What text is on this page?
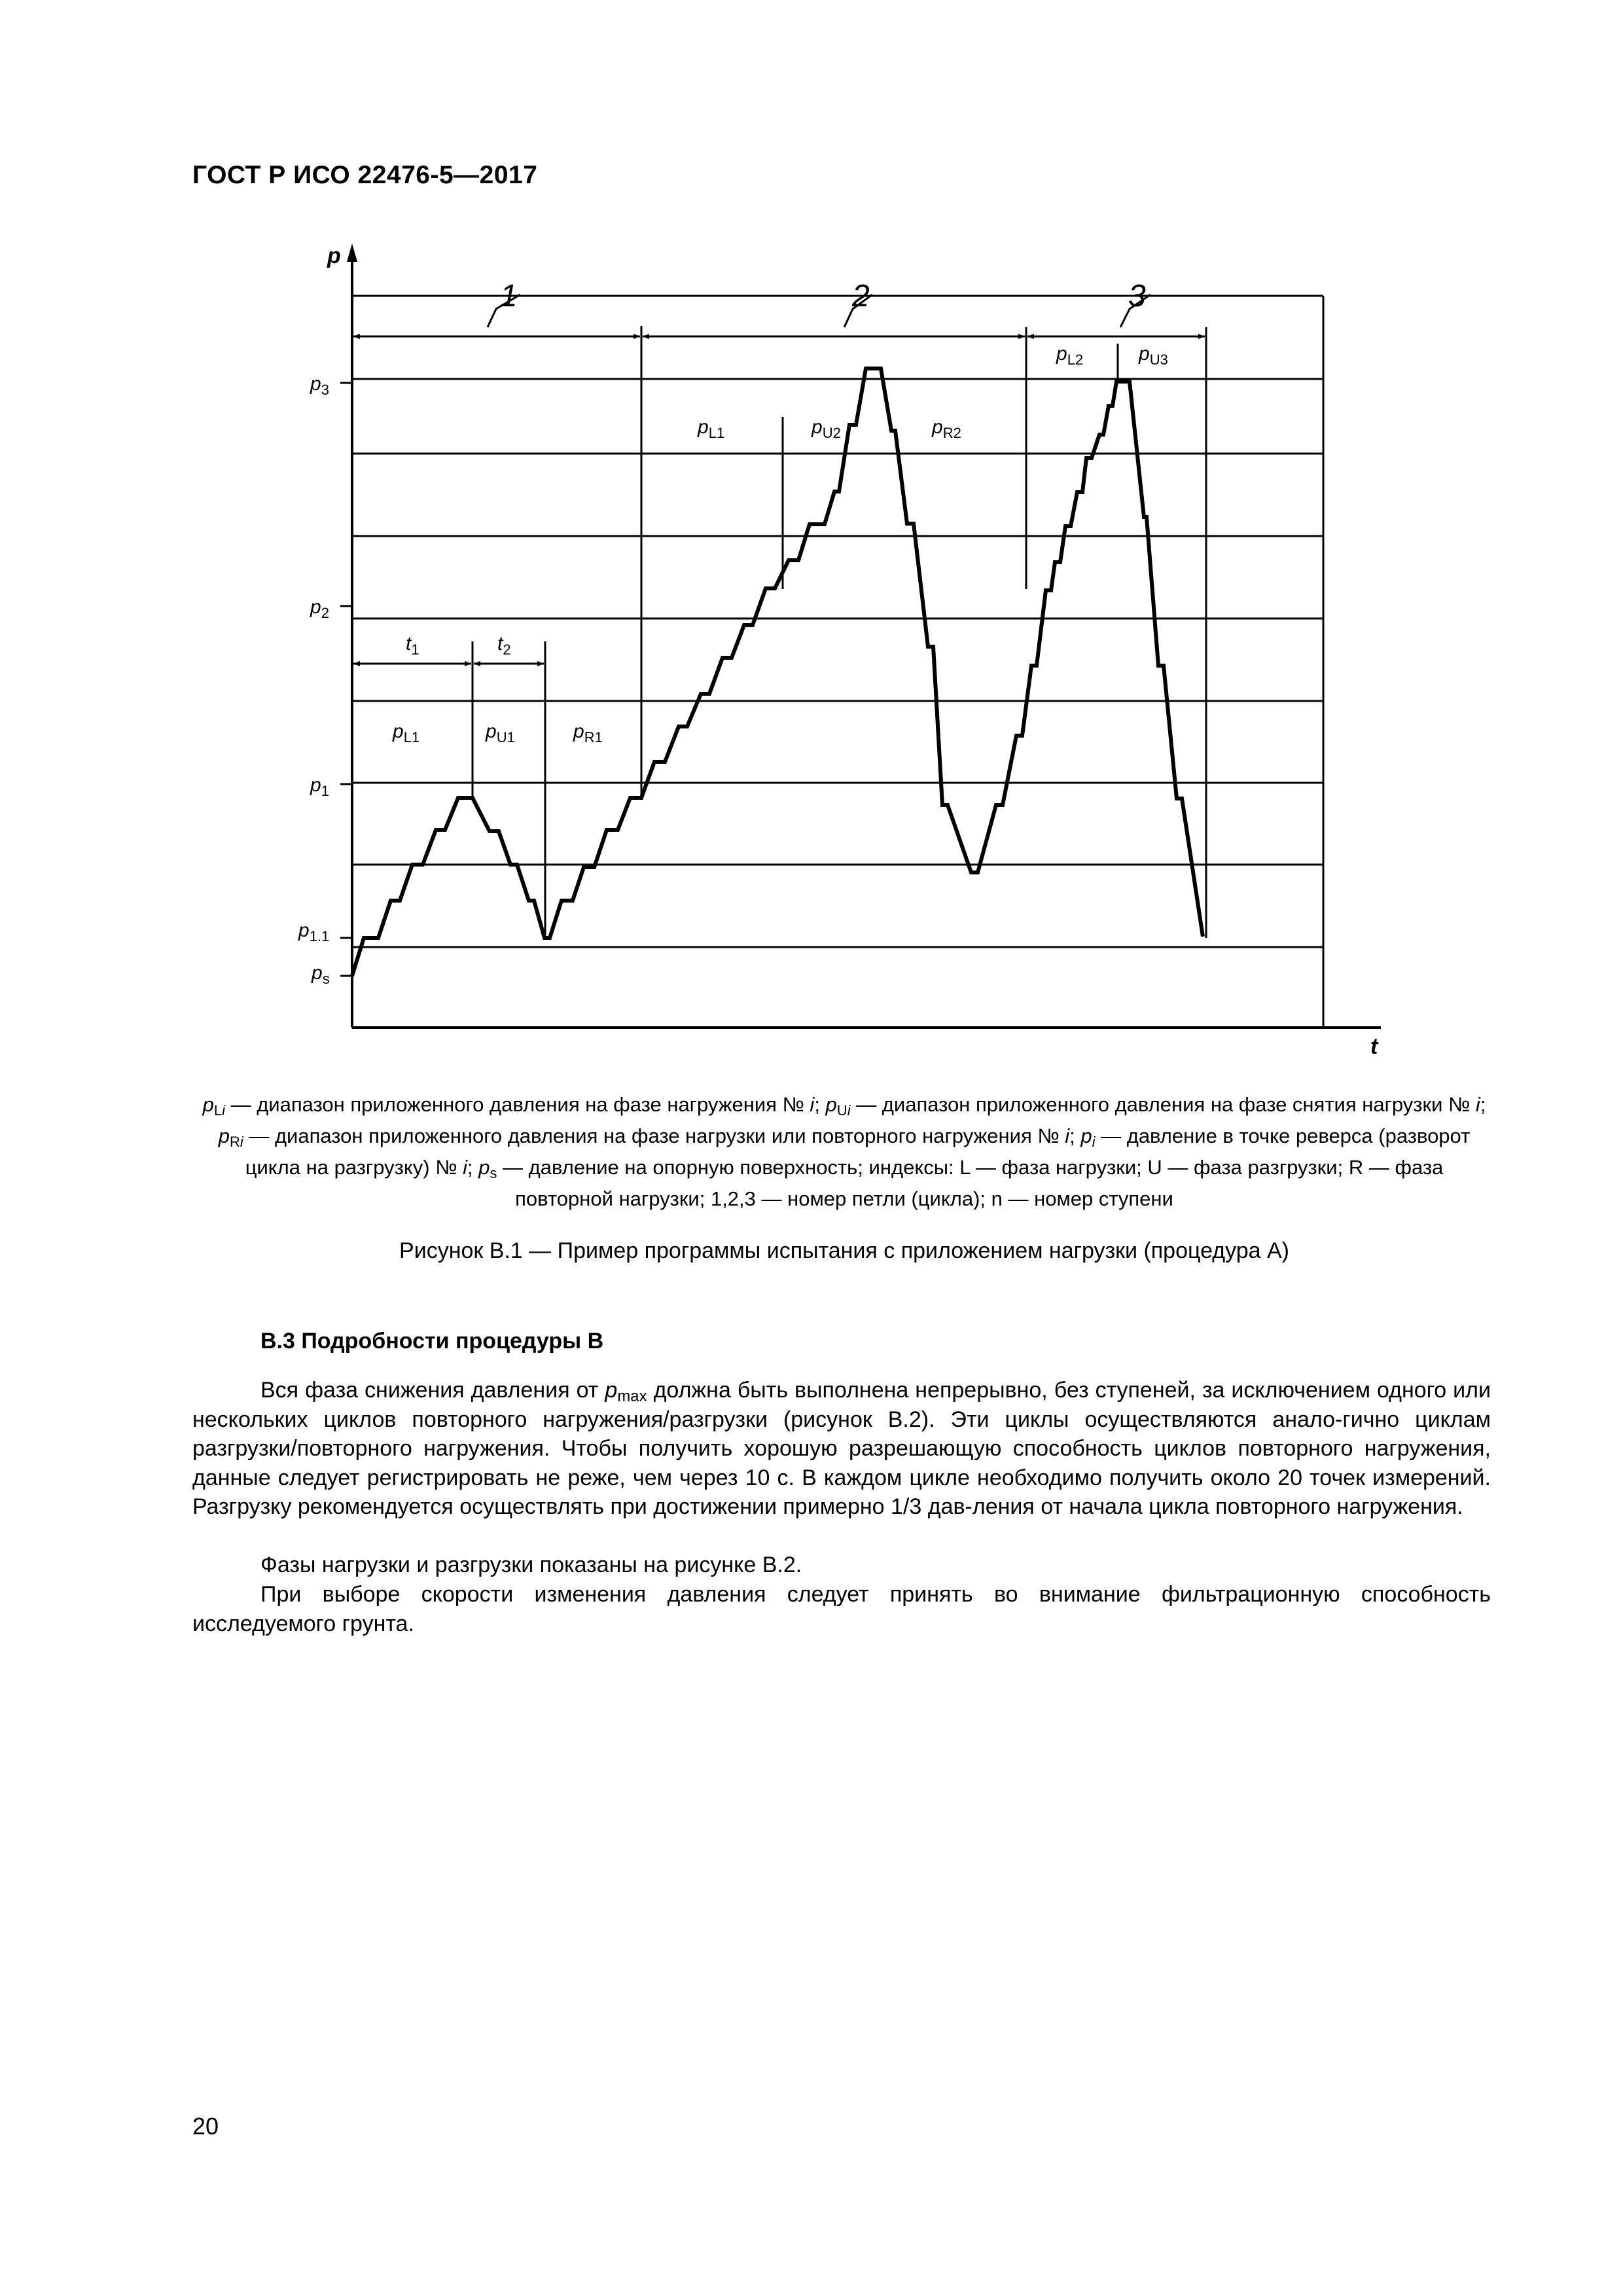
ГОСТ Р ИСО 22476-5—2017
p
t
$p_3$
$p_2$
$p_1$
$p_{1.1}$
$p_s$
1	2	3
$t_1$	$t_2$
$p_{L1}$	$p_{U1}$	$p_{R1}$
$p_{L1}$	$p_{U2}$	$p_{R2}$
$p_{L2}$	$p_{U3}$
$p_{Li}$ — диапазон приложенного давления на фазе нагружения № i; $p_{Ui}$ — диапазон приложенного давления на фазе снятия нагрузки № i; $p_{Ri}$ — диапазон приложенного давления на фазе нагрузки или повторного нагружения № i; $p_i$ — давление в точке реверса (разворот цикла на разгрузку) № i; $p_s$ — давление на опорную поверхность; индексы: L — фаза нагрузки; U — фаза разгрузки; R — фаза повторной нагрузки; 1,2,3 — номер петли (цикла); n — номер ступени
Рисунок В.1 — Пример программы испытания с приложением нагрузки (процедура А)
В.3 Подробности процедуры В
Вся фаза снижения давления от $p_{max}$ должна быть выполнена непрерывно, без ступеней, за исключением одного или нескольких циклов повторного нагружения/разгрузки (рисунок В.2). Эти циклы осуществляются анало-гично циклам разгрузки/повторного нагружения. Чтобы получить хорошую разрешающую способность циклов повторного нагружения, данные следует регистрировать не реже, чем через 10 с. В каждом цикле необходимо получить около 20 точек измерений. Разгрузку рекомендуется осуществлять при достижении примерно 1/3 дав-ления от начала цикла повторного нагружения.
Фазы нагрузки и разгрузки показаны на рисунке В.2.
При выборе скорости изменения давления следует принять во внимание фильтрационную способность исследуемого грунта.
20
